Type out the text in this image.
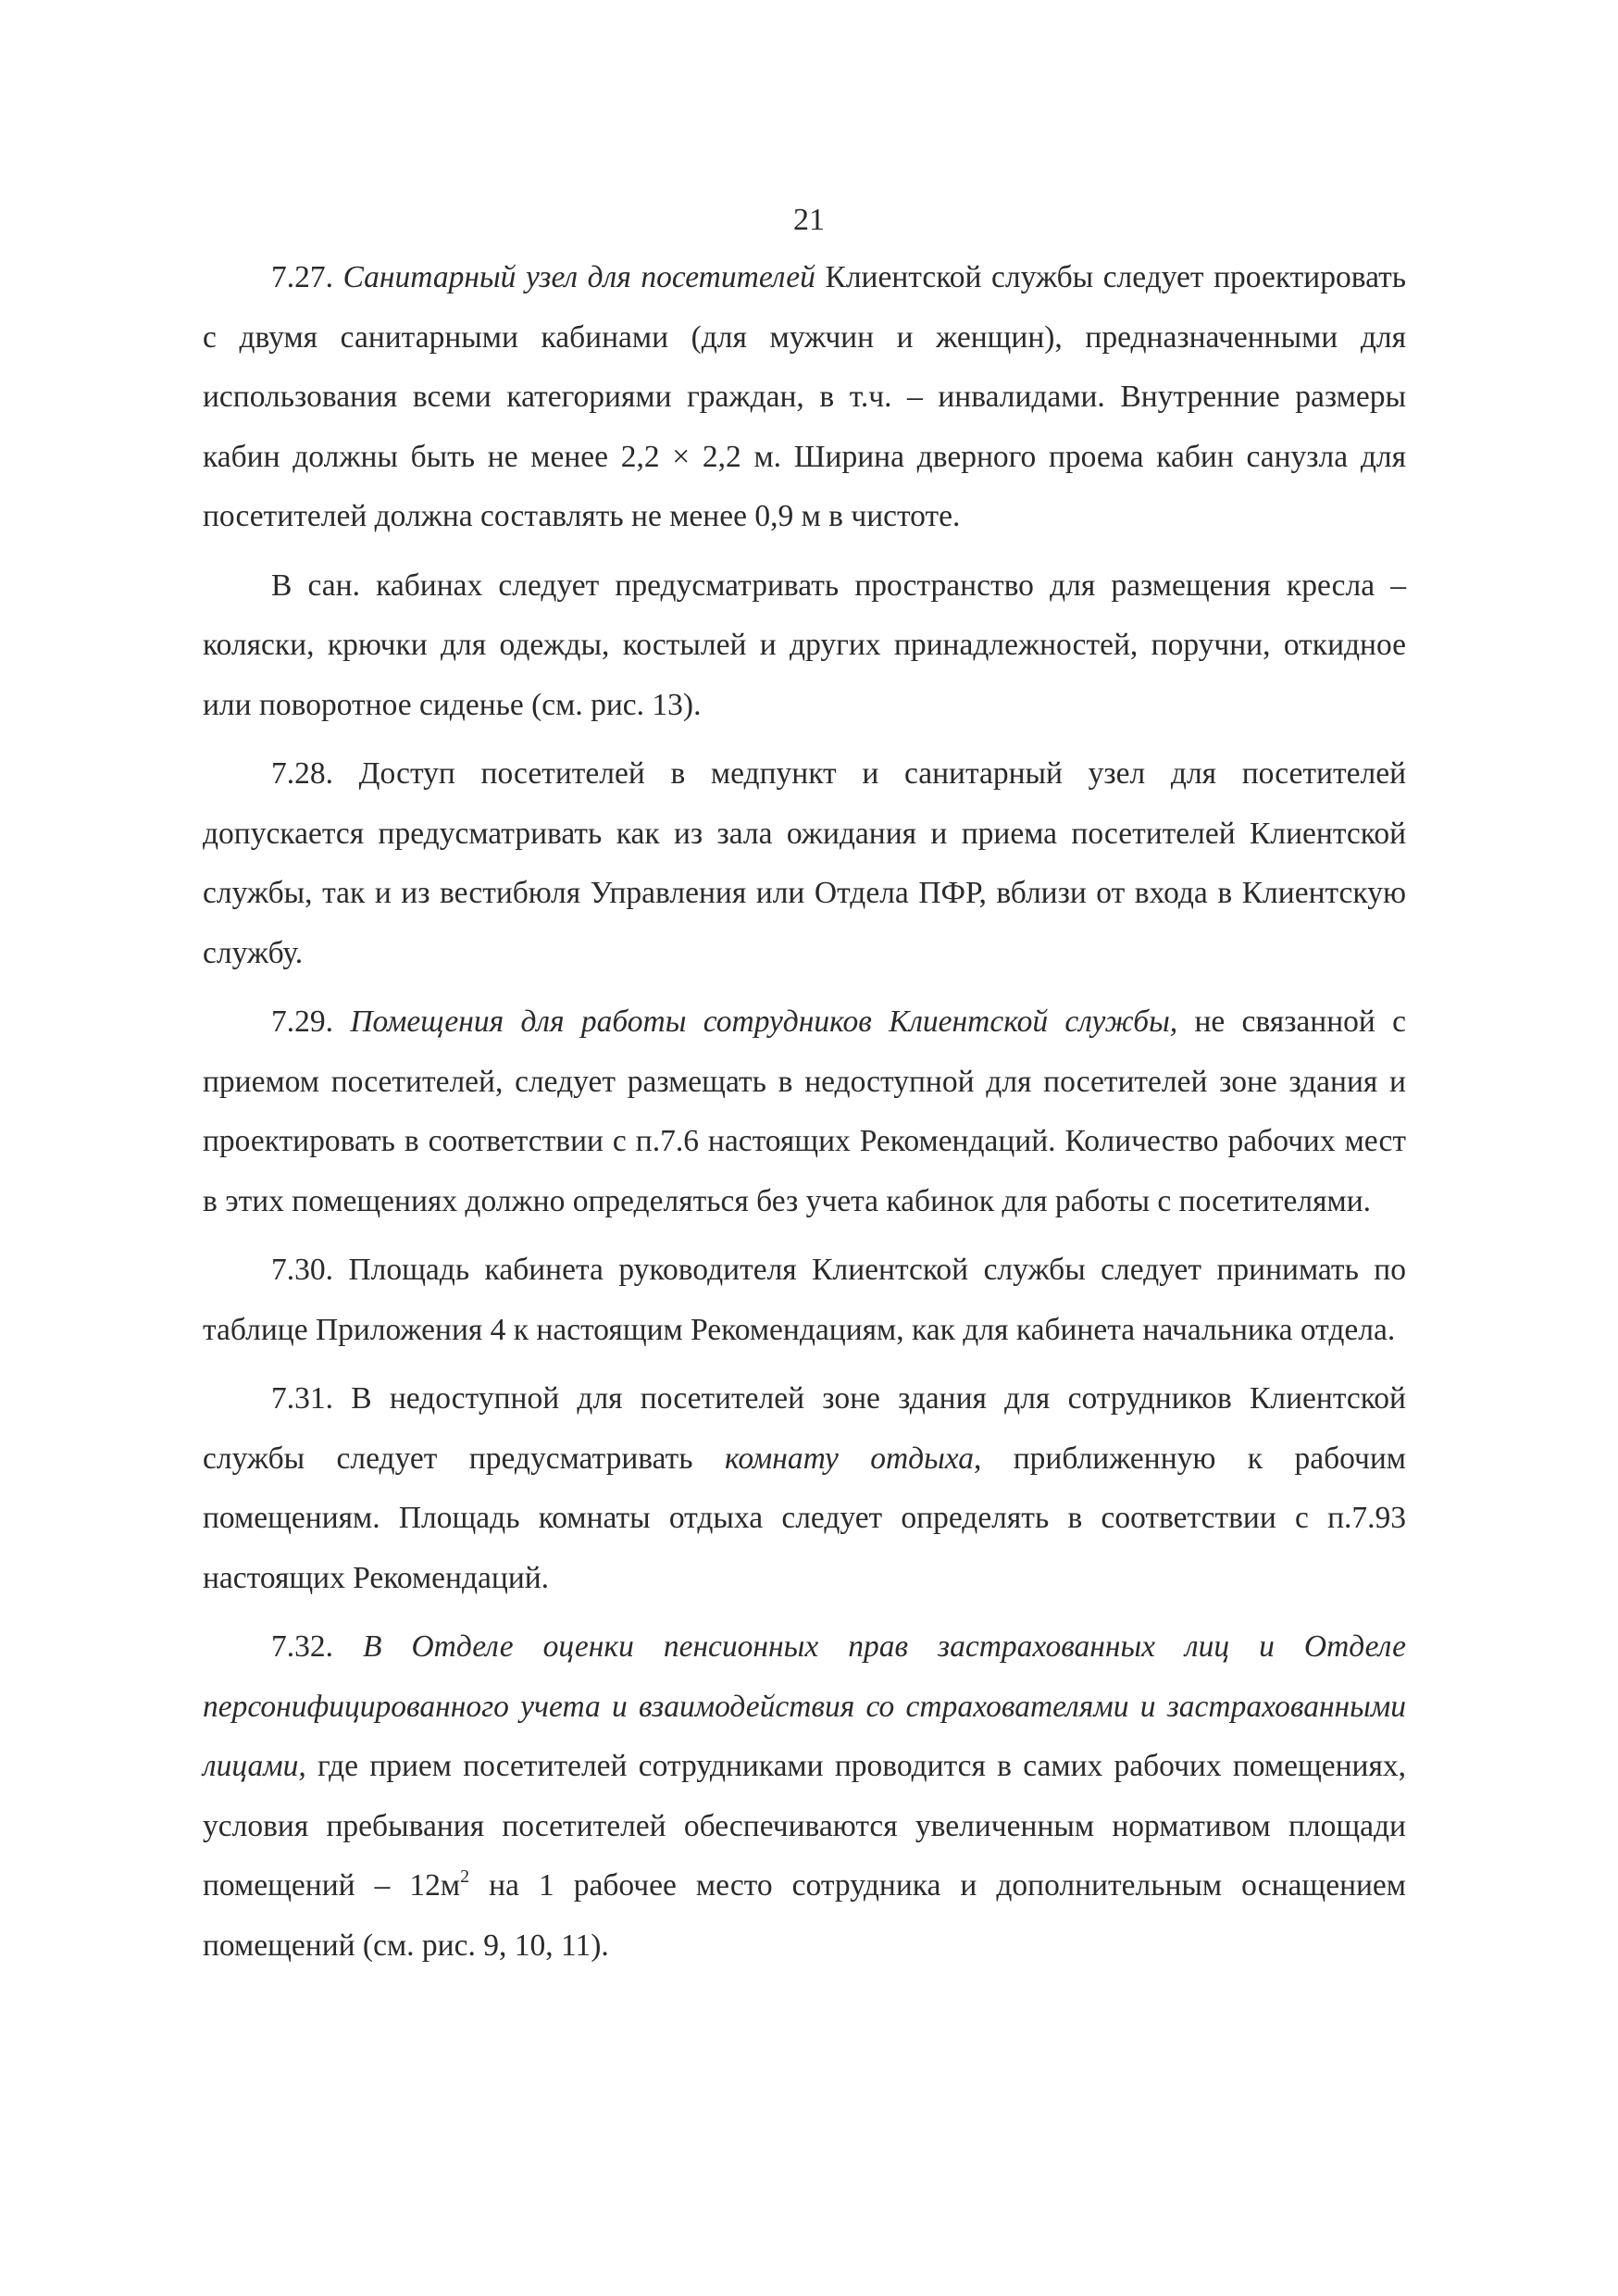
21

7.27. Санитарный узел для посетителей Клиентской службы следует проектировать с двумя санитарными кабинами (для мужчин и женщин), предназначенными для использования всеми категориями граждан, в т.ч. – инвалидами. Внутренние размеры кабин должны быть не менее 2,2 × 2,2 м. Ширина дверного проема кабин санузла для посетителей должна составлять не менее 0,9 м в чистоте.

В сан. кабинах следует предусматривать пространство для размещения кресла – коляски, крючки для одежды, костылей и других принадлежностей, поручни, откидное или поворотное сиденье (см. рис. 13).

7.28. Доступ посетителей в медпункт и санитарный узел для посетителей допускается предусматривать как из зала ожидания и приема посетителей Клиентской службы, так и из вестибюля Управления или Отдела ПФР, вблизи от входа в Клиентскую службу.

7.29. Помещения для работы сотрудников Клиентской службы, не связанной с приемом посетителей, следует размещать в недоступной для посетителей зоне здания и проектировать в соответствии с п.7.6 настоящих Рекомендаций. Количество рабочих мест в этих помещениях должно определяться без учета кабинок для работы с посетителями.

7.30. Площадь кабинета руководителя Клиентской службы следует принимать по таблице Приложения 4 к настоящим Рекомендациям, как для кабинета начальника отдела.

7.31. В недоступной для посетителей зоне здания для сотрудников Клиентской службы следует предусматривать комнату отдыха, приближенную к рабочим помещениям. Площадь комнаты отдыха следует определять в соответствии с п.7.93 настоящих Рекомендаций.

7.32. В Отделе оценки пенсионных прав застрахованных лиц и Отделе персонифицированного учета и взаимодействия со страхователями и застрахованными лицами, где прием посетителей сотрудниками проводится в самих рабочих помещениях, условия пребывания посетителей обеспечиваются увеличенным нормативом площади помещений – $12м^2$ на 1 рабочее место сотрудника и дополнительным оснащением помещений (см. рис. 9, 10, 11).
